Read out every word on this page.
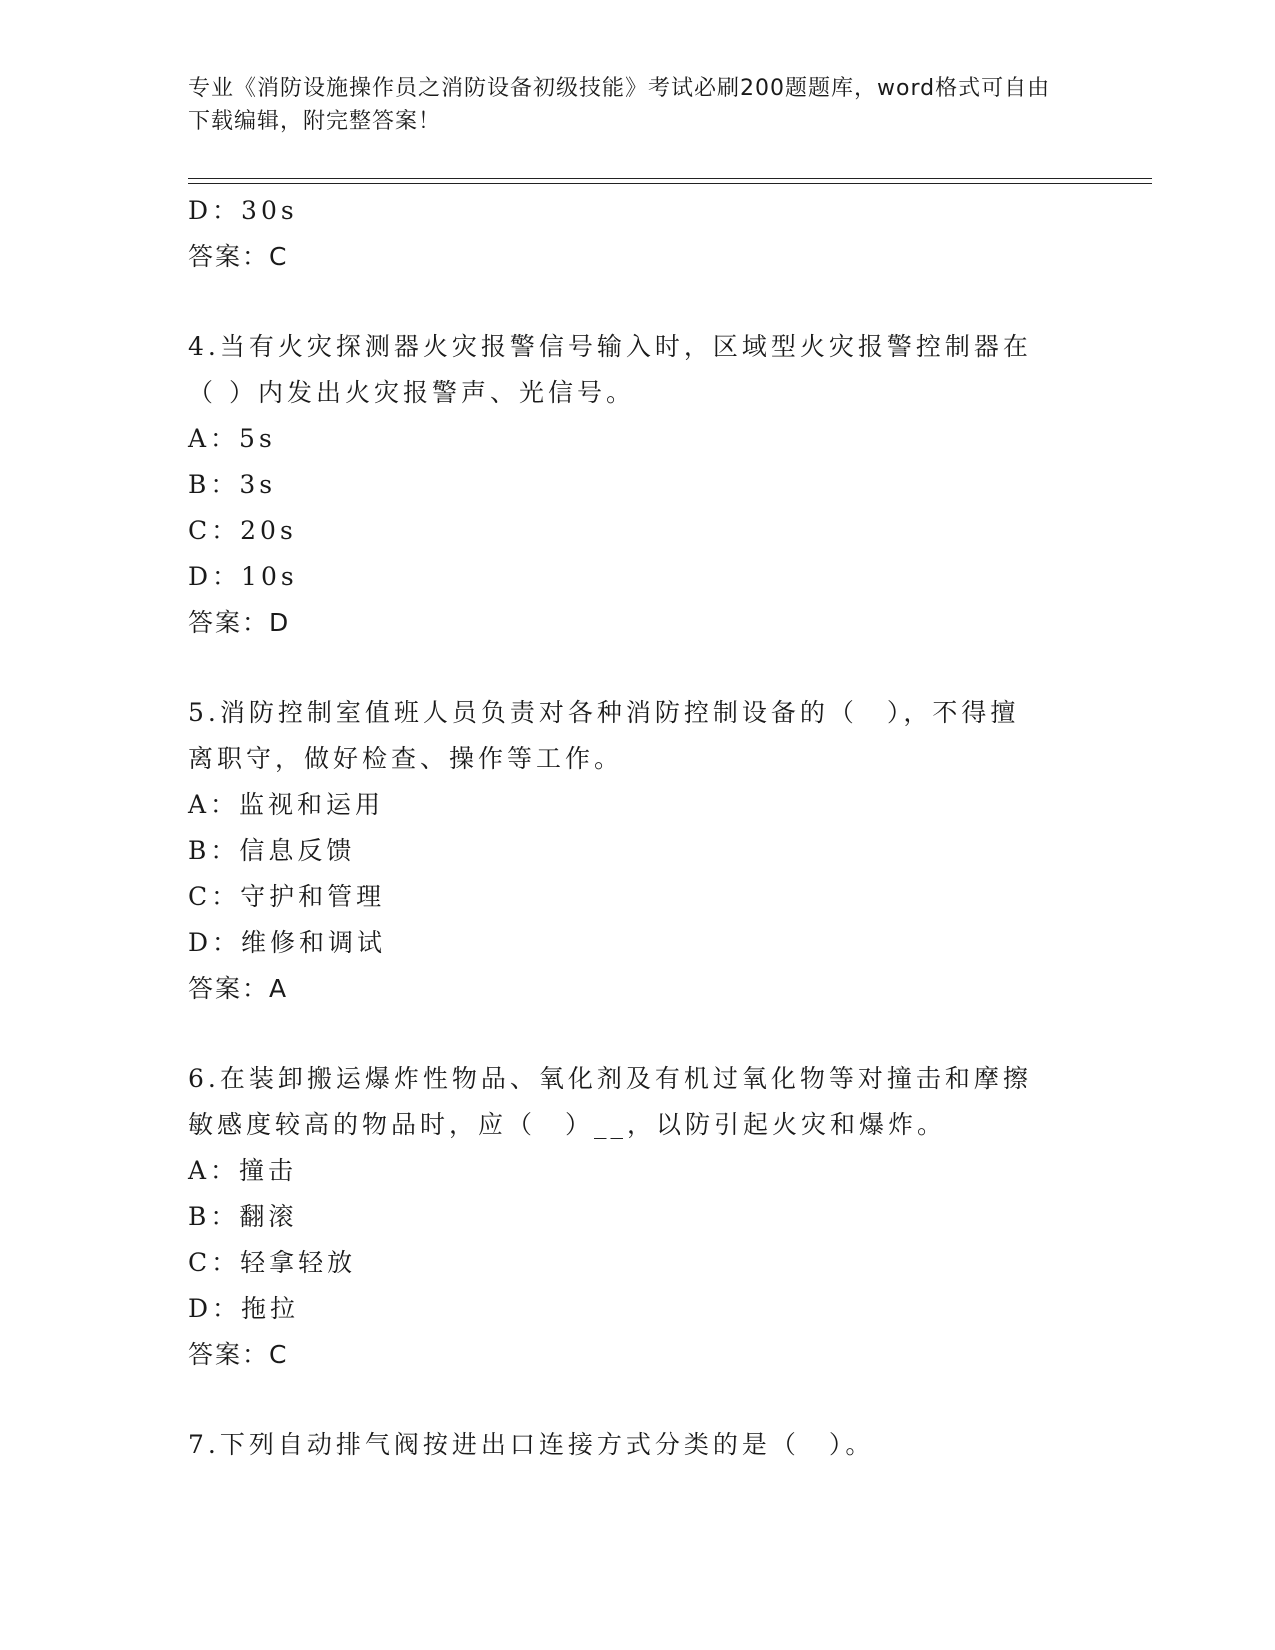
专业《消防设施操作员之消防设备初级技能》考试必刷200题题库，word格式可自由下载编辑，附完整答案！
D：30s
答案：C
4.当有火灾探测器火灾报警信号输入时，区域型火灾报警控制器在（ ）内发出火灾报警声、光信号。
A：5s
B：3s
C：20s
D：10s
答案：D
5.消防控制室值班人员负责对各种消防控制设备的（　），不得擅离职守，做好检查、操作等工作。
A：监视和运用
B：信息反馈
C：守护和管理
D：维修和调试
答案：A
6.在装卸搬运爆炸性物品、氧化剂及有机过氧化物等对撞击和摩擦敏感度较高的物品时，应（　）__，以防引起火灾和爆炸。
A：撞击
B：翻滚
C：轻拿轻放
D：拖拉
答案：C
7.下列自动排气阀按进出口连接方式分类的是（　）。
